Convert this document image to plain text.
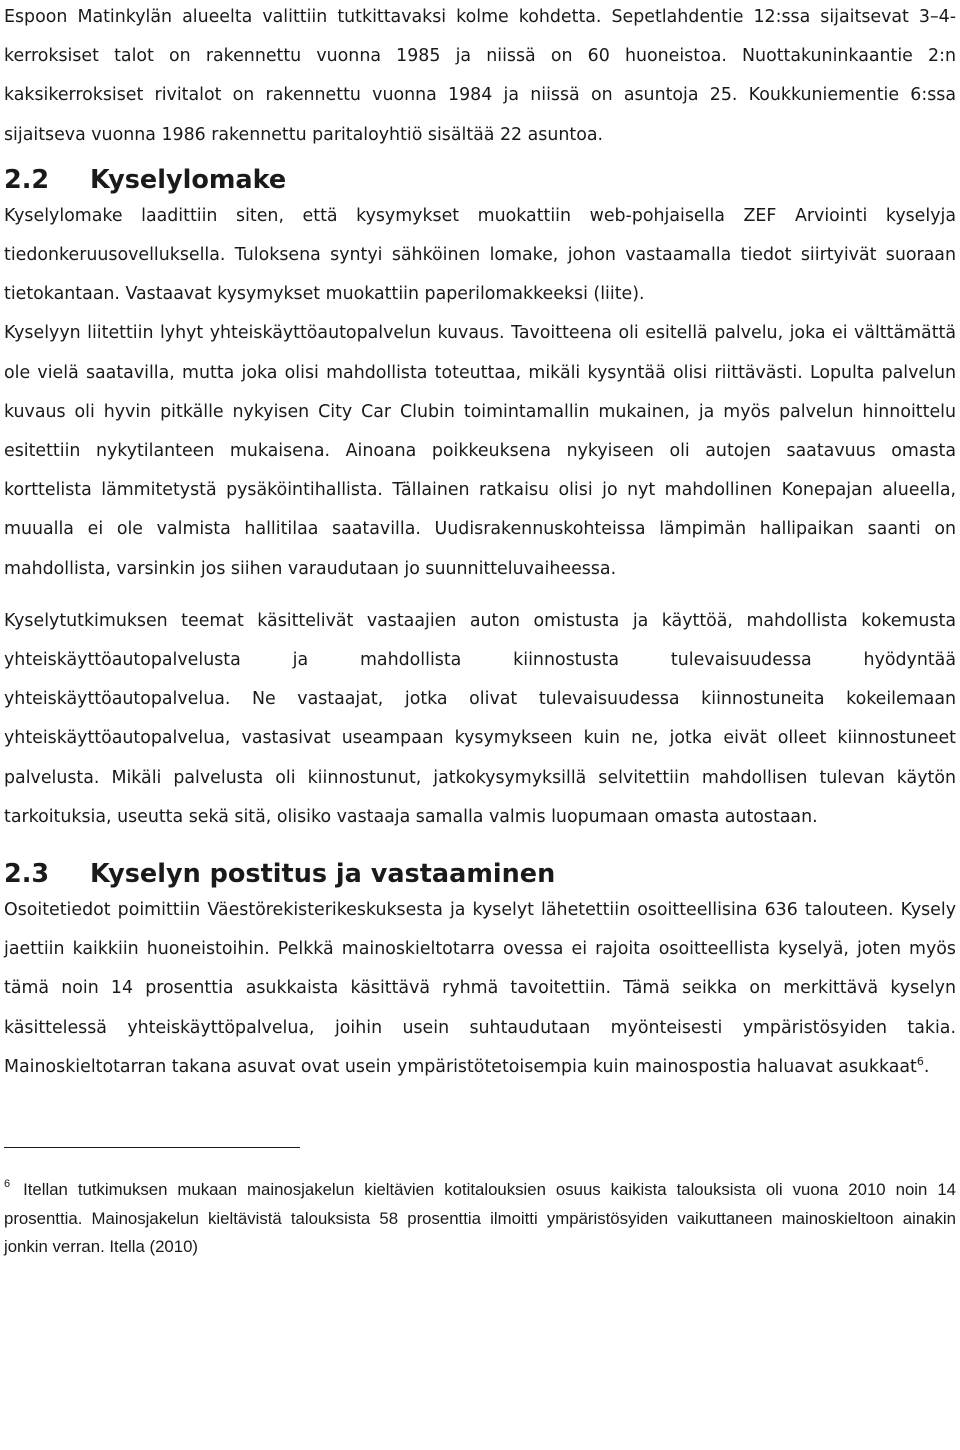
Espoon Matinkylän alueelta valittiin tutkittavaksi kolme kohdetta. Sepetlahdentie 12:ssa sijaitsevat 3–4-kerroksiset talot on rakennettu vuonna 1985 ja niissä on 60 huoneistoa. Nuottakuninkaantie 2:n kaksikerroksiset rivitalot on rakennettu vuonna 1984 ja niissä on asuntoja 25. Koukkuniementie 6:ssa sijaitseva vuonna 1986 rakennettu paritaloyhtiö sisältää 22 asuntoa.

2.2	Kyselylomake

Kyselylomake laadittiin siten, että kysymykset muokattiin web-pohjaisella ZEF Arviointi kyselyja tiedonkeruusovelluksella. Tuloksena syntyi sähköinen lomake, johon vastaamalla tiedot siirtyivät suoraan tietokantaan. Vastaavat kysymykset muokattiin paperilomakkeeksi (liite).

Kyselyyn liitettiin lyhyt yhteiskäyttöautopalvelun kuvaus. Tavoitteena oli esitellä palvelu, joka ei välttämättä ole vielä saatavilla, mutta joka olisi mahdollista toteuttaa, mikäli kysyntää olisi riittävästi. Lopulta palvelun kuvaus oli hyvin pitkälle nykyisen City Car Clubin toimintamallin mukainen, ja myös palvelun hinnoittelu esitettiin nykytilanteen mukaisena. Ainoana poikkeuksena nykyiseen oli autojen saatavuus omasta korttelista lämmitetystä pysäköintihallista. Tällainen ratkaisu olisi jo nyt mahdollinen Konepajan alueella, muualla ei ole valmista hallitilaa saatavilla. Uudisrakennuskohteissa lämpimän hallipaikan saanti on mahdollista, varsinkin jos siihen varaudutaan jo suunnitteluvaiheessa.

Kyselytutkimuksen teemat käsittelivät vastaajien auton omistusta ja käyttöä, mahdollista kokemusta yhteiskäyttöautopalvelusta ja mahdollista kiinnostusta tulevaisuudessa hyödyntää yhteiskäyttöautopalvelua. Ne vastaajat, jotka olivat tulevaisuudessa kiinnostuneita kokeilemaan yhteiskäyttöautopalvelua, vastasivat useampaan kysymykseen kuin ne, jotka eivät olleet kiinnostuneet palvelusta. Mikäli palvelusta oli kiinnostunut, jatkokysymyksillä selvitettiin mahdollisen tulevan käytön tarkoituksia, useutta sekä sitä, olisiko vastaaja samalla valmis luopumaan omasta autostaan.

2.3	Kyselyn postitus ja vastaaminen

Osoitetiedot poimittiin Väestörekisterikeskuksesta ja kyselyt lähetettiin osoitteellisina 636 talouteen. Kysely jaettiin kaikkiin huoneistoihin. Pelkkä mainoskieltotarra ovessa ei rajoita osoitteellista kyselyä, joten myös tämä noin 14 prosenttia asukkaista käsittävä ryhmä tavoitettiin. Tämä seikka on merkittävä kyselyn käsittelessä yhteiskäyttöpalvelua, joihin usein suhtaudutaan myönteisesti ympäristösyiden takia. Mainoskieltotarran takana asuvat ovat usein ympäristötetoisempia kuin mainospostia haluavat asukkaat$^6$.

$^6$ Itellan tutkimuksen mukaan mainosjakelun kieltävien kotitalouksien osuus kaikista talouksista oli vuona 2010 noin 14 prosenttia. Mainosjakelun kieltävistä talouksista 58 prosenttia ilmoitti ympäristösyiden vaikuttaneen mainoskieltoon ainakin jonkin verran. Itella (2010)
